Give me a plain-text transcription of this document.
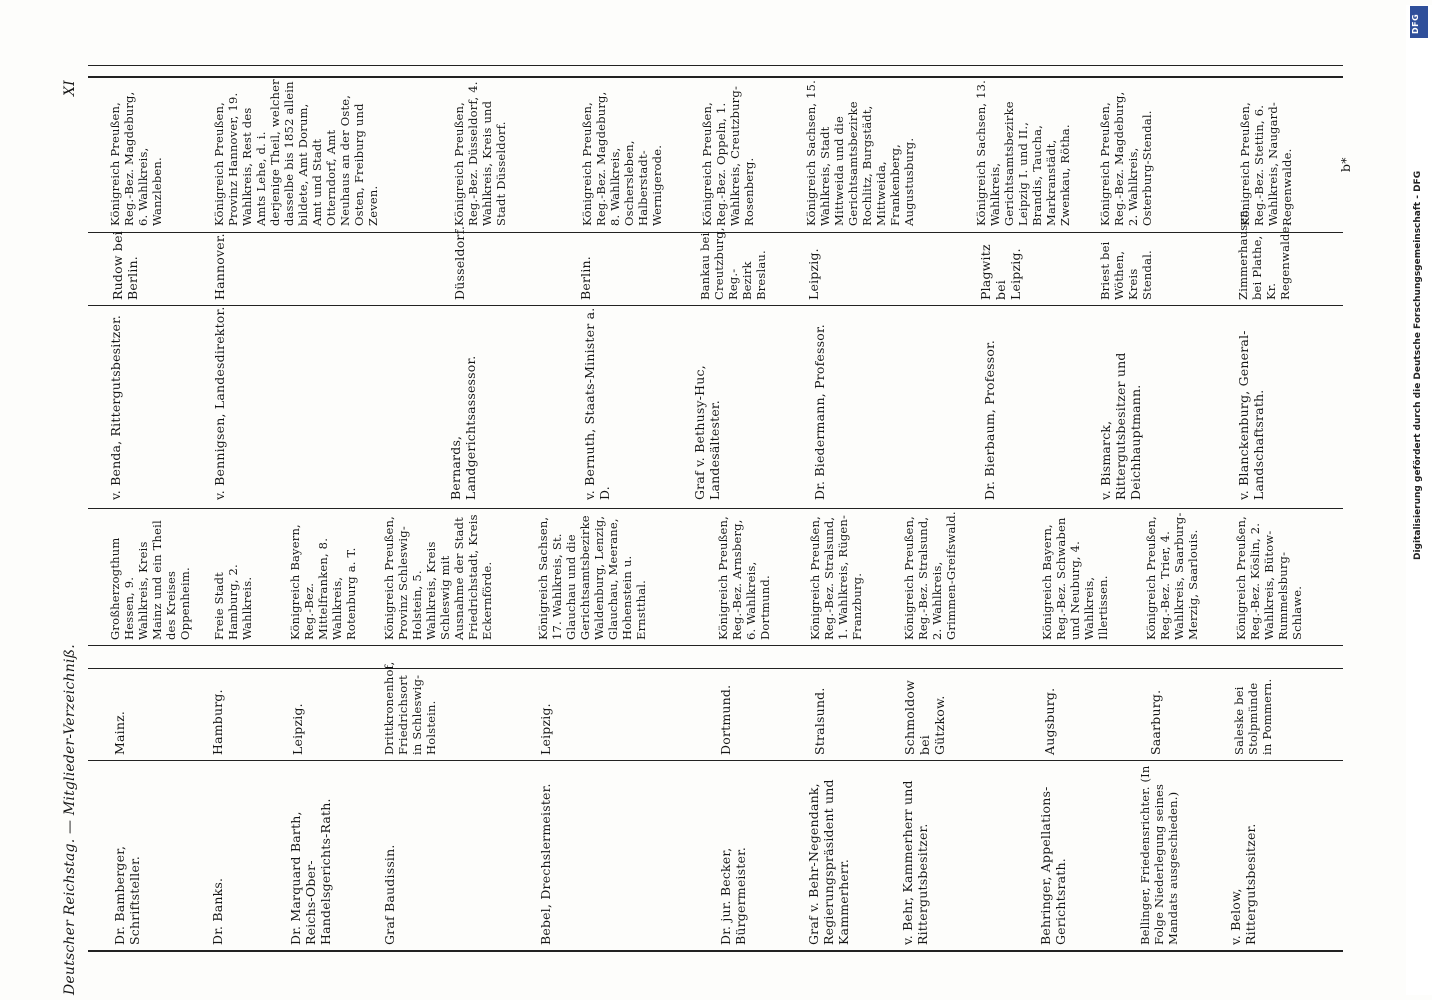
Deutscher Reichstag. — Mitglieder-Verzeichniß.
XI
b*
Dr. Bamberger, Schriftsteller.
Mainz.
Großherzogthum Hessen, 9. Wahlkreis, Kreis Mainz und ein Theil des Kreises Oppenheim.
v. Benda, Rittergutsbesitzer.
Rudow bei Berlin.
Königreich Preußen, Reg.-Bez. Magdeburg, 6. Wahlkreis, Wanzleben.
Dr. Banks.
Hamburg.
Freie Stadt Hamburg, 2. Wahlkreis.
v. Bennigsen, Landesdirektor.
Hannover.
Königreich Preußen, Provinz Hannover, 19. Wahlkreis, Rest des Amts Lehe, d. i. derjenige Theil, welcher dasselbe bis 1852 allein bildete, Amt Dorum, Amt und Stadt Otterndorf, Amt Neuhaus an der Oste, Osten, Freiburg und Zeven.
Dr. Marquard Barth, Reichs-Ober-Handelsgerichts-Rath.
Leipzig.
Königreich Bayern, Reg.-Bez. Mittelfranken, 8. Wahlkreis, Rotenburg a. T.
Graf Baudissin.
Drittkronenhof, Friedrichsort in Schleswig-Holstein.
Königreich Preußen, Provinz Schleswig-Holstein, 5. Wahlkreis, Kreis Schleswig mit Ausnahme der Stadt Friedrichstadt, Kreis Eckernförde.
Bernards, Landgerichtsassessor.
Düsseldorf.
Königreich Preußen, Reg.-Bez. Düsseldorf, 4. Wahlkreis, Kreis und Stadt Düsseldorf.
Bebel, Drechslermeister.
Leipzig.
Königreich Sachsen, 17. Wahlkreis, St. Glauchau und die Gerichtsamtsbezirke Waldenburg, Lenzig, Glauchau, Meerane, Hohenstein u. Ernstthal.
v. Bernuth, Staats-Minister a. D.
Berlin.
Königreich Preußen, Reg.-Bez. Magdeburg, 8. Wahlkreis, Oschersleben, Halberstadt-Wernigerode.
Dr. jur. Becker, Bürgermeister.
Dortmund.
Königreich Preußen, Reg.-Bez. Arnsberg, 6. Wahlkreis, Dortmund.
Graf v. Bethusy-Huc, Landesältester.
Bankau bei Creutzburg, Reg.-Bezirk Breslau.
Königreich Preußen, Reg.-Bez. Oppeln, 1. Wahlkreis, Creutzburg-Rosenberg.
Graf v. Behr-Negendank, Regierungspräsident und Kammerherr.
Stralsund.
Königreich Preußen, Reg.-Bez. Stralsund, 1. Wahlkreis, Rügen-Franzburg.
Dr. Biedermann, Professor.
Leipzig.
Königreich Sachsen, 15. Wahlkreis, Stadt Mittweida und die Gerichtsamtsbezirke Rochlitz, Burgstädt, Mittweida, Frankenberg, Augustusburg.
v. Behr, Kammerherr und Rittergutsbesitzer.
Schmoldow bei Gützkow.
Königreich Preußen, Reg.-Bez. Stralsund, 2. Wahlkreis, Grimmen-Greifswald.
Dr. Bierbaum, Professor.
Plagwitz bei Leipzig.
Königreich Sachsen, 13. Wahlkreis, Gerichtsamtsbezirke Leipzig I. und II., Brandis, Taucha, Markranstädt, Zwenkau, Rötha.
Behringer, Appellations-Gerichtsrath.
Augsburg.
Königreich Bayern, Reg.-Bez. Schwaben und Neuburg, 4. Wahlkreis, Illertissen.
v. Bismarck, Rittergutsbesitzer und Deichhauptmann.
Briest bei Wöthen, Kreis Stendal.
Königreich Preußen, Reg.-Bez. Magdeburg, 2. Wahlkreis, Osterburg-Stendal.
Bellinger, Friedensrichter. (In Folge Niederlegung seines Mandats ausgeschieden.)
Saarburg.
Königreich Preußen, Reg.-Bez. Trier, 4. Wahlkreis, Saarburg-Merzig, Saarlouis.
v. Below, Rittergutsbesitzer.
Saleske bei Stolpmünde in Pommern.
Königreich Preußen, Reg.-Bez. Köslin, 2. Wahlkreis, Bütow-Rummelsburg-Schlawe.
v. Blanckenburg, General-Landschaftsrath.
Zimmerhausen bei Plathe, Kr. Regenwalde.
Königreich Preußen, Reg.-Bez. Stettin, 6. Wahlkreis, Naugard-Regenwalde.
DFG
Digitalisierung gefördert durch die Deutsche Forschungsgemeinschaft - DFG
